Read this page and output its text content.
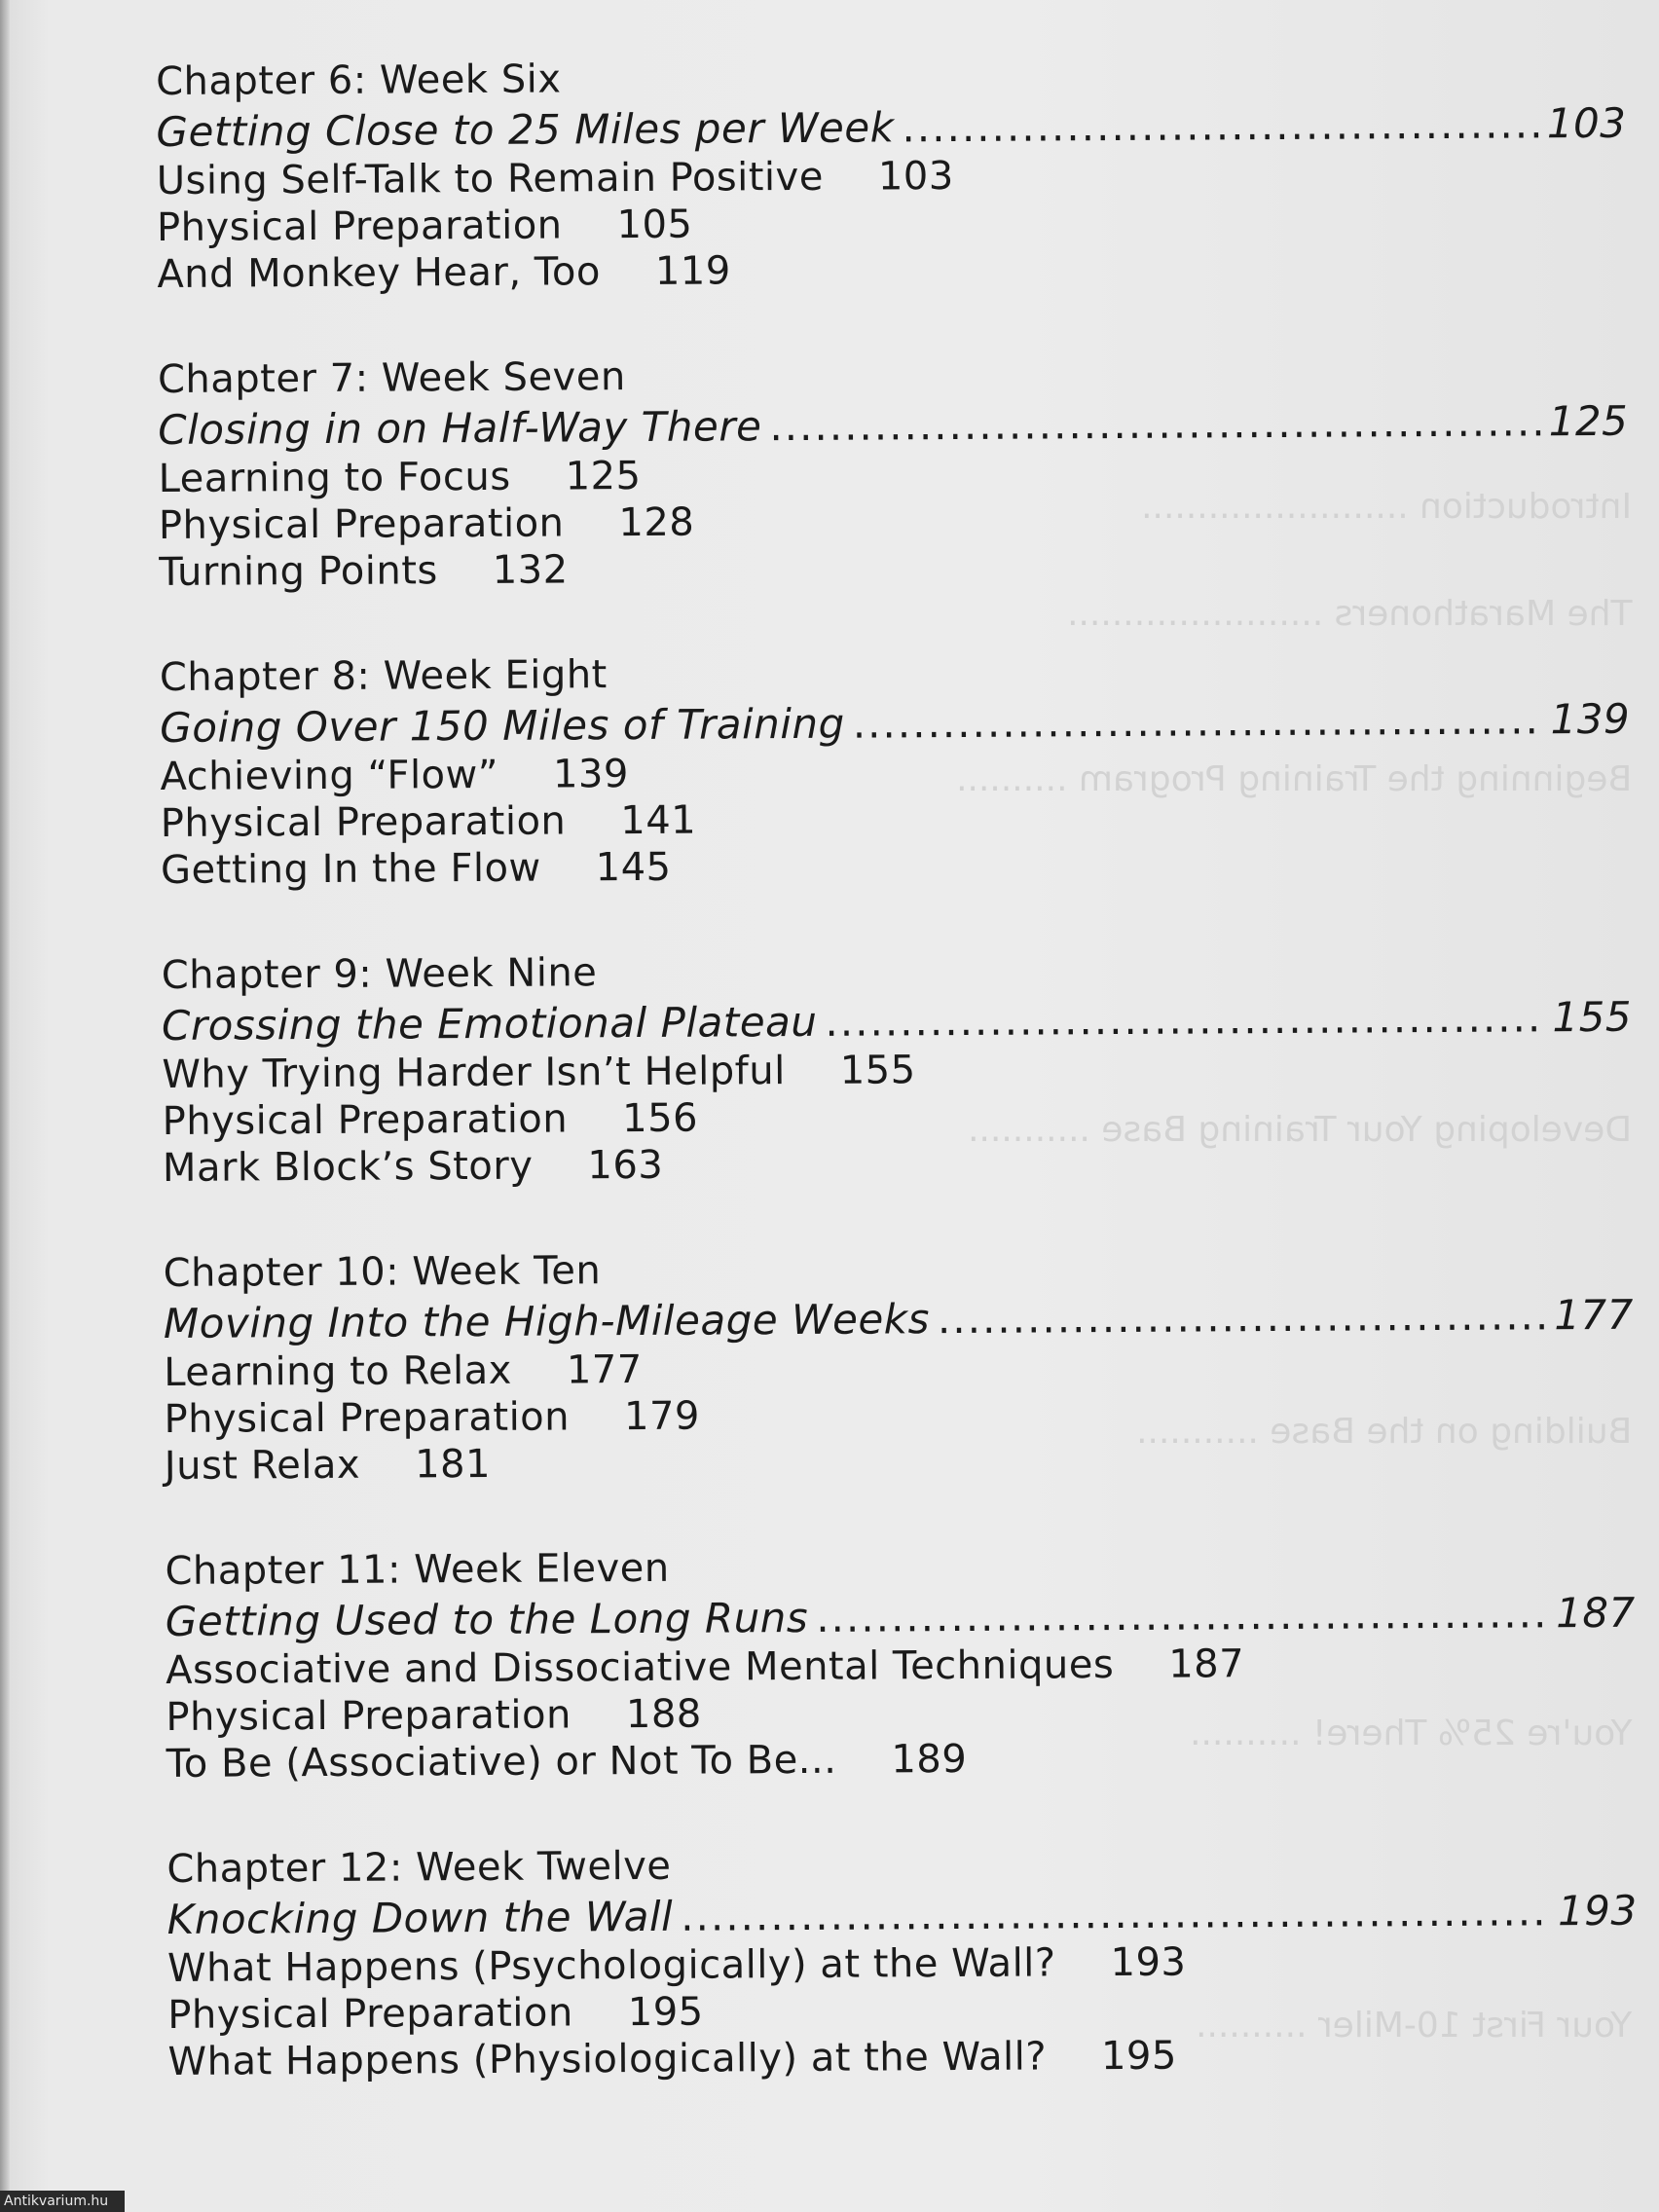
Introduction ........................
The Marathoners .......................
Beginning the Training Program ..........
Developing Your Training Base ...........
Building on the Base ...........
You're 25% There! ..........
Your First 10-Miler ..........
Chapter 6: Week Six
Getting Close to 25 Miles per Week .....	103
Using Self-Talk to Remain Positive 103
Physical Preparation 105
And Monkey Hear, Too 119
Chapter 7: Week Seven
Closing in on Half-Way There .....	125
Learning to Focus 125
Physical Preparation 128
Turning Points 132
Chapter 8: Week Eight
Going Over 150 Miles of Training .....	139
Achieving “Flow” 139
Physical Preparation 141
Getting In the Flow 145
Chapter 9: Week Nine
Crossing the Emotional Plateau .....	155
Why Trying Harder Isn’t Helpful 155
Physical Preparation 156
Mark Block’s Story 163
Chapter 10: Week Ten
Moving Into the High-Mileage Weeks .....	177
Learning to Relax 177
Physical Preparation 179
Just Relax 181
Chapter 11: Week Eleven
Getting Used to the Long Runs .....	187
Associative and Dissociative Mental Techniques 187
Physical Preparation 188
To Be (Associative) or Not To Be... 189
Chapter 12: Week Twelve
Knocking Down the Wall .....	193
What Happens (Psychologically) at the Wall? 193
Physical Preparation 195
What Happens (Physiologically) at the Wall? 195
Antikvarium.hu
